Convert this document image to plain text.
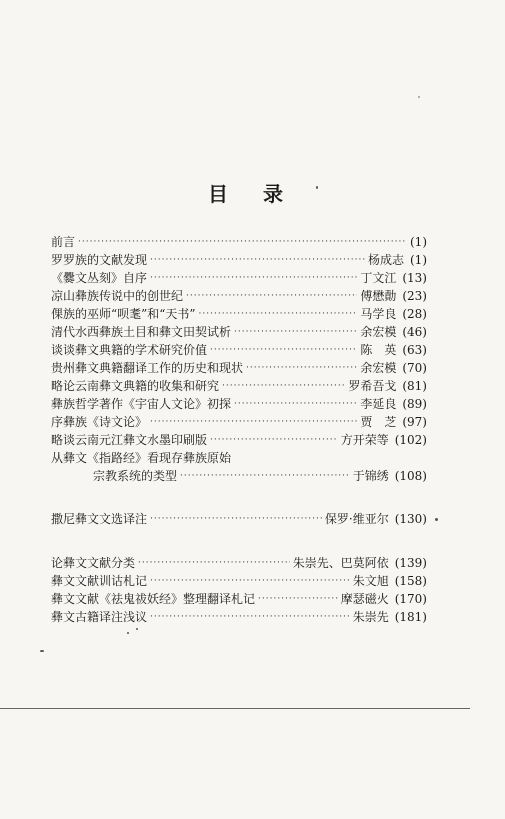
目 录
前言 ·····	(1)
罗罗族的文献发现 ·····	杨成志 (1)
《爨文丛刻》自序 ·····	丁文江 (13)
凉山彝族传说中的创世纪 ·····	傅懋勣 (23)
倮族的巫师“呗耄”和“天书” ·····	马学良 (28)
清代水西彝族土目和彝文田契试析 ·····	余宏模 (46)
谈谈彝文典籍的学术研究价值 ·····	陈　英 (63)
贵州彝文典籍翻译工作的历史和现状 ·····	余宏模 (70)
略论云南彝文典籍的收集和研究 ·····	罗希吾戈 (81)
彝族哲学著作《宇宙人文论》初探 ·····	李延良 (89)
序彝族《诗文论》 ·····	贾　芝 (97)
略谈云南元江彝文水墨印刷版 ·····	方开荣等 (102)
从彝文《指路经》看现存彝族原始
宗教系统的类型 ·····	于锦绣 (108)
撒尼彝文文选译注 ·····	保罗·维亚尔 (130)
论彝文文献分类 ·····	朱崇先、巴莫阿依 (139)
彝文文献训诂札记 ·····	朱文旭 (158)
彝文文献《祛鬼祓妖经》整理翻译札记 ·····	摩瑟磁火 (170)
彝文古籍译注浅议 ·····	朱崇先 (181)
